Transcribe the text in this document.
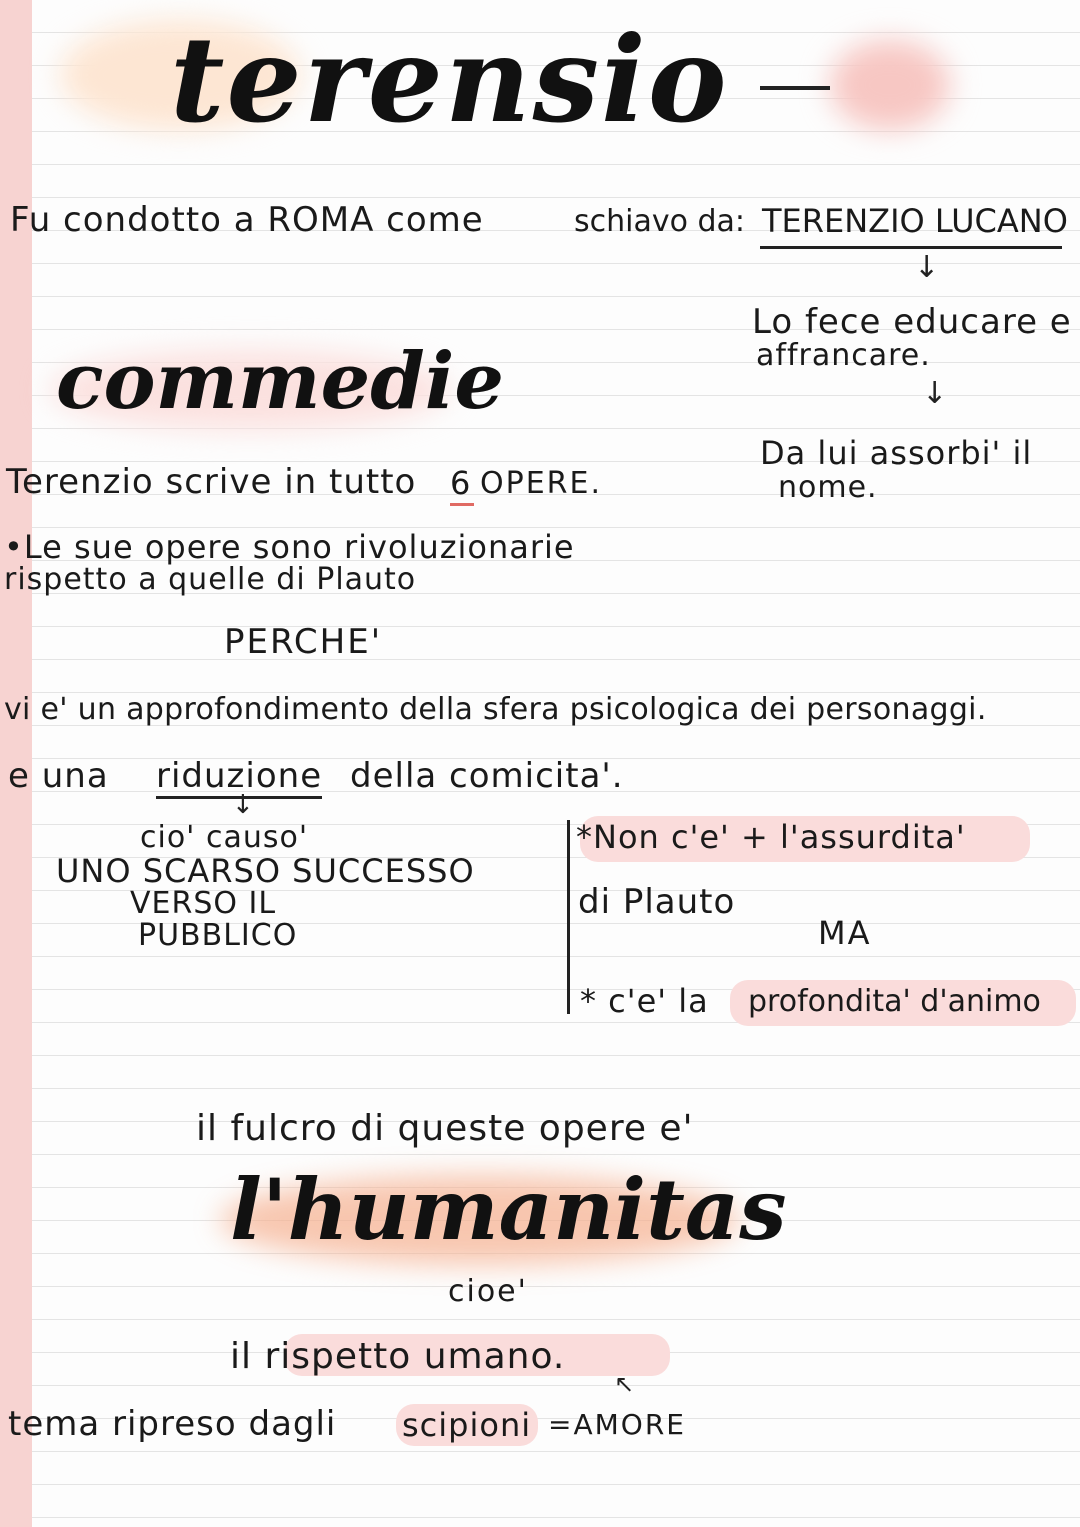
terensio
Fu condotto a ROMA come	schiavo da: TERENZIO LUCANO
↓
Lo fece educare e
affrancare.
↓
Da lui assorbi' il
nome.
commedie
Terenzio scrive in tutto 6 OPERE.
•Le sue opere sono rivoluzionarie
rispetto a quelle di Plauto
PERCHE'
vi e' un approfondimento della sfera psicologica dei personaggi.
e una riduzione della comicita'.
↓
cio' causo'
UNO SCARSO SUCCESSO
VERSO IL
PUBBLICO
*Non c'e' + l'assurdita'
di Plauto
MA
* c'e' la profondita' d'animo
il fulcro di queste opere e'
l'humanitas
cioe'
il rispetto umano.
↖
tema ripreso dagli scipioni =AMORE
